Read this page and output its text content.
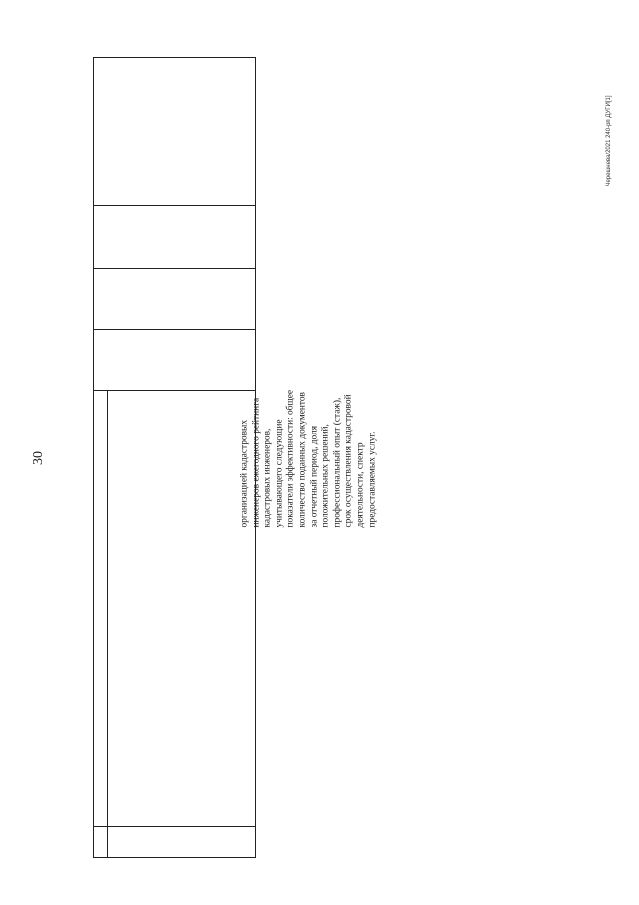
30	организацией кадастровых инженеров ежегодного рейтинга кадастровых инженеров, учитывающего следующие показатели эффективности: общее количество поданных документов за отчетный период, доля положительных решений, профессиональный опыт (стаж), срок осуществления кадастровой деятельности, спектр предоставляемых услуг.
Черешнева/2021 240-рп ДУГИ[1]
